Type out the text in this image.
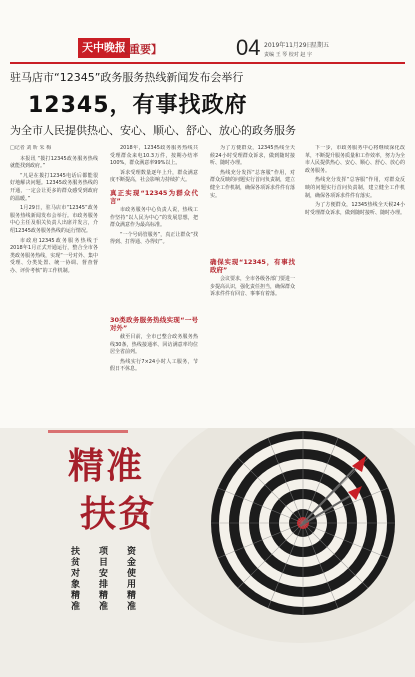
天中晚报
【重要】	04 2019年11月29日
星期五
责编 王 琴 校对 赵 宇
驻马店市“12345”政务服务热线新闻发布会举行
12345，有事找政府
为全市人民提供热心、安心、顺心、舒心、放心的政务服务
□记者 刘 昕 朱 梅

本报讯 “拨打12345政务服务热线就能找到政府。”

“凡是在拨打12345电话后都能很好地解决问题。12345政务服务热线的开通，一定会让更多的群众感受到政府的温暖。”

1月29日，驻马店市“12345”政务服务热线新闻发布会举行。市政务服务中心主任及相关负责人出席并发言，介绍12345政务服务热线的运行情况。

市政府12345政务服务热线于2018年1月正式开通运行，整合全市各类政务服务热线，实现“一号对外、集中受理、分类处置、统一协调、督查督办、评价考核”的工作机制。

2018年，12345政务服务热线共受理群众来电10.3万件，按期办结率100%，群众满意率99%以上。

诉求受理数量逐年上升，群众满意度不断提高，社会影响力持续扩大。

真正实现“12345为群众代言”

市政务服务中心负责人说，热线工作坚持“以人民为中心”的发展思想，把群众满意作为最高标准。

“一个号码管服务”，真正让群众“找得到、打得通、办得好”。

30类政务服务热线实现“一号对外”

截至目前，全市已整合政务服务热线30条，热线接通率、回访满意率均位居全省前列。

热线实行7×24小时人工服务，节假日不休息。

为了方便群众，12345热线全天候24小时受理群众诉求，做到随时接听、随时办理。

热线充分发挥“总客服”作用，对群众反映的问题实行首问负责制，建立健全工作机制，确保各项诉求件件有落实。

确保实现“12345，有事找政府”

会议要求，全市各级各部门要进一步提高认识，强化责任担当，确保群众诉求件件有回音、事事有着落。

下一步，市政务服务中心将继续深化改革，不断提升服务质量和工作效率，努力为全市人民提供热心、安心、顺心、舒心、放心的政务服务。

热线充分发挥“总客服”作用，对群众反映的问题实行首问负责制，建立健全工作机制，确保各项诉求件件有落实。

为了方便群众，12345热线全天候24小时受理群众诉求，做到随时接听、随时办理。

精准
扶贫
扶贫对象精准 项目安排精准 资金使用精准
